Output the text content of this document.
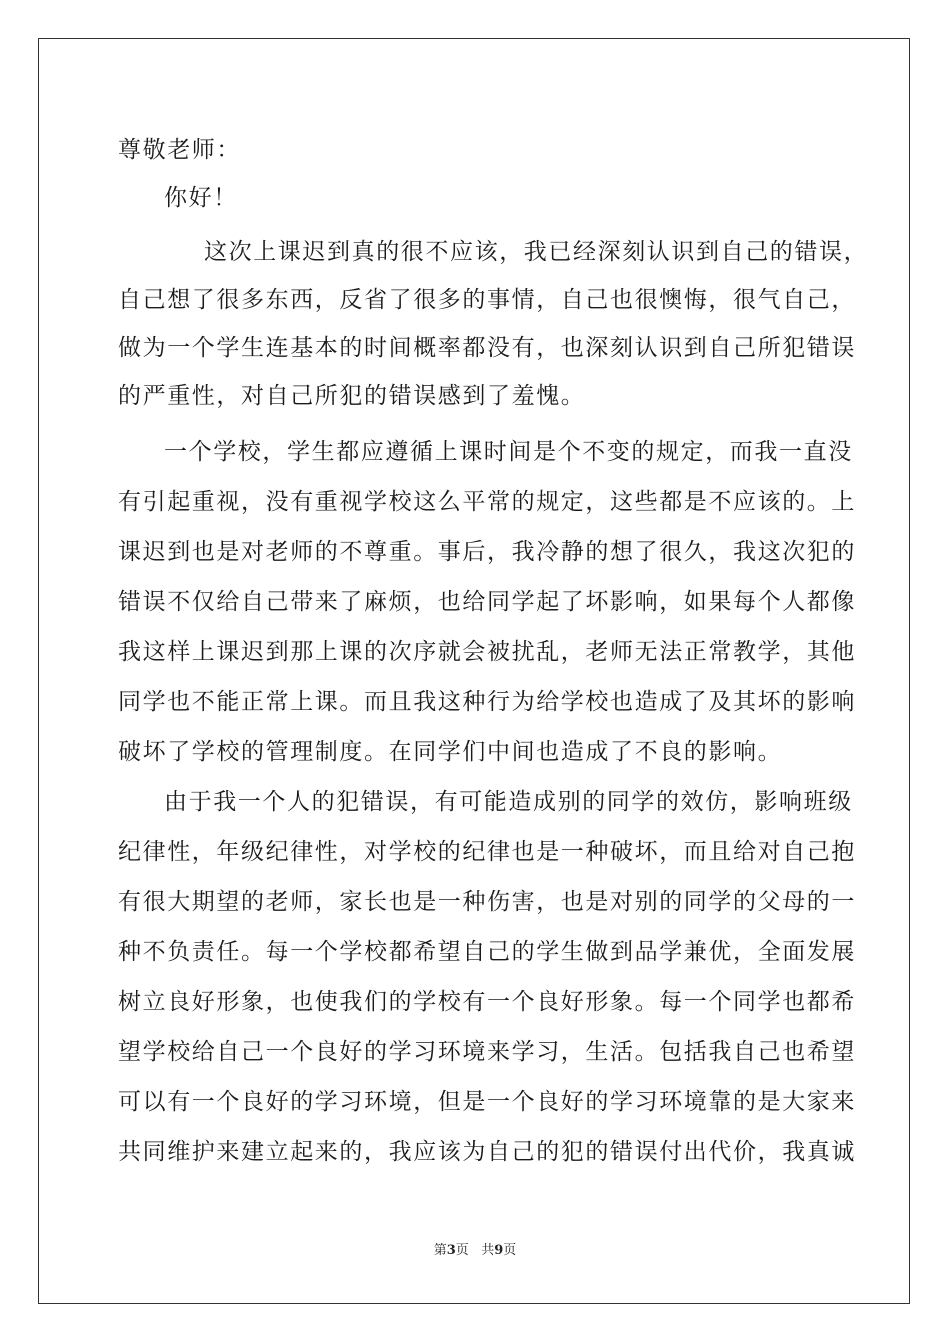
尊敬老师：
你好！
这次上课迟到真的很不应该，我已经深刻认识到自己的错误，
自己想了很多东西，反省了很多的事情，自己也很懊悔，很气自己，
做为一个学生连基本的时间概率都没有，也深刻认识到自己所犯错误
的严重性，对自己所犯的错误感到了羞愧。
一个学校，学生都应遵循上课时间是个不变的规定，而我一直没
有引起重视，没有重视学校这么平常的规定，这些都是不应该的。上
课迟到也是对老师的不尊重。事后，我冷静的想了很久，我这次犯的
错误不仅给自己带来了麻烦，也给同学起了坏影响，如果每个人都像
我这样上课迟到那上课的次序就会被扰乱，老师无法正常教学，其他
同学也不能正常上课。而且我这种行为给学校也造成了及其坏的影响
破坏了学校的管理制度。在同学们中间也造成了不良的影响。
由于我一个人的犯错误，有可能造成别的同学的效仿，影响班级
纪律性，年级纪律性，对学校的纪律也是一种破坏，而且给对自己抱
有很大期望的老师，家长也是一种伤害，也是对别的同学的父母的一
种不负责任。每一个学校都希望自己的学生做到品学兼优，全面发展
树立良好形象，也使我们的学校有一个良好形象。每一个同学也都希
望学校给自己一个良好的学习环境来学习，生活。包括我自己也希望
可以有一个良好的学习环境，但是一个良好的学习环境靠的是大家来
共同维护来建立起来的，我应该为自己的犯的错误付出代价，我真诚
第3页   共9页
